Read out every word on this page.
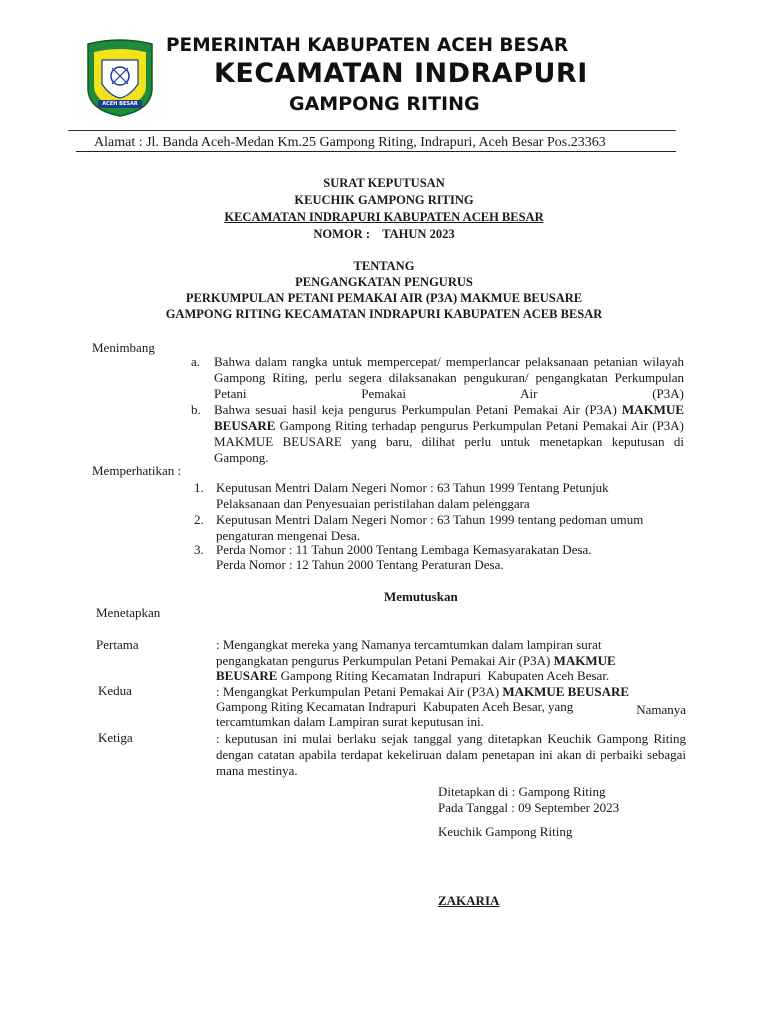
ACEH BESAR
PEMERINTAH KABUPATEN ACEH BESAR
KECAMATAN INDRAPURI
GAMPONG RITING
Alamat : Jl. Banda Aceh-Medan Km.25 Gampong Riting, Indrapuri, Aceh Besar Pos.23363
SURAT KEPUTUSAN
KEUCHIK GAMPONG RITING
KECAMATAN INDRAPURI KABUPATEN ACEH BESAR
NOMOR :    TAHUN 2023
TENTANG
PENGANGKATAN PENGURUS
PERKUMPULAN PETANI PEMAKAI AIR (P3A) MAKMUE BEUSARE
GAMPONG RITING KECAMATAN INDRAPURI KABUPATEN ACEB BESAR
Menimbang
a. Bahwa dalam rangka untuk mempercepat/ memperlancar pelaksanaan petanian wilayah Gampong Riting, perlu segera dilaksanakan pengukuran/ pengangkatan Perkumpulan Petani Pemakai Air (P3A)
b. Bahwa sesuai hasil keja pengurus Perkumpulan Petani Pemakai Air (P3A) MAKMUE BEUSARE Gampong Riting terhadap pengurus Perkumpulan Petani Pemakai Air (P3A) MAKMUE BEUSARE yang baru, dilihat perlu untuk menetapkan keputusan di Gampong.
Memperhatikan :
1. Keputusan Mentri Dalam Negeri Nomor : 63 Tahun 1999 Tentang Petunjuk
Pelaksanaan dan Penyesuaian peristilahan dalam pelenggara
2. Keputusan Mentri Dalam Negeri Nomor : 63 Tahun 1999 tentang pedoman umum
pengaturan mengenai Desa.
3. Perda Nomor : 11 Tahun 2000 Tentang Lembaga Kemasyarakatan Desa.
Perda Nomor : 12 Tahun 2000 Tentang Peraturan Desa.
Memutuskan
Menetapkan
Pertama	: Mengangkat mereka yang Namanya tercamtumkan dalam lampiran surat
pengangkatan pengurus Perkumpulan Petani Pemakai Air (P3A) MAKMUE
BEUSARE Gampong Riting Kecamatan Indrapuri  Kabupaten Aceh Besar.
Kedua	: Mengangkat Perkumpulan Petani Pemakai Air (P3A) MAKMUE BEUSARE
Gampong Riting Kecamatan Indrapuri  Kabupaten Aceh Besar, yang	Namanya
tercamtumkan dalam Lampiran surat keputusan ini.
Ketiga	: keputusan ini mulai berlaku sejak tanggal yang ditetapkan Keuchik Gampong Riting dengan catatan apabila terdapat kekeliruan dalam penetapan ini akan di perbaiki sebagai mana mestinya.
Ditetapkan di : Gampong Riting
Pada Tanggal : 09 September 2023
Keuchik Gampong Riting
ZAKARIA
